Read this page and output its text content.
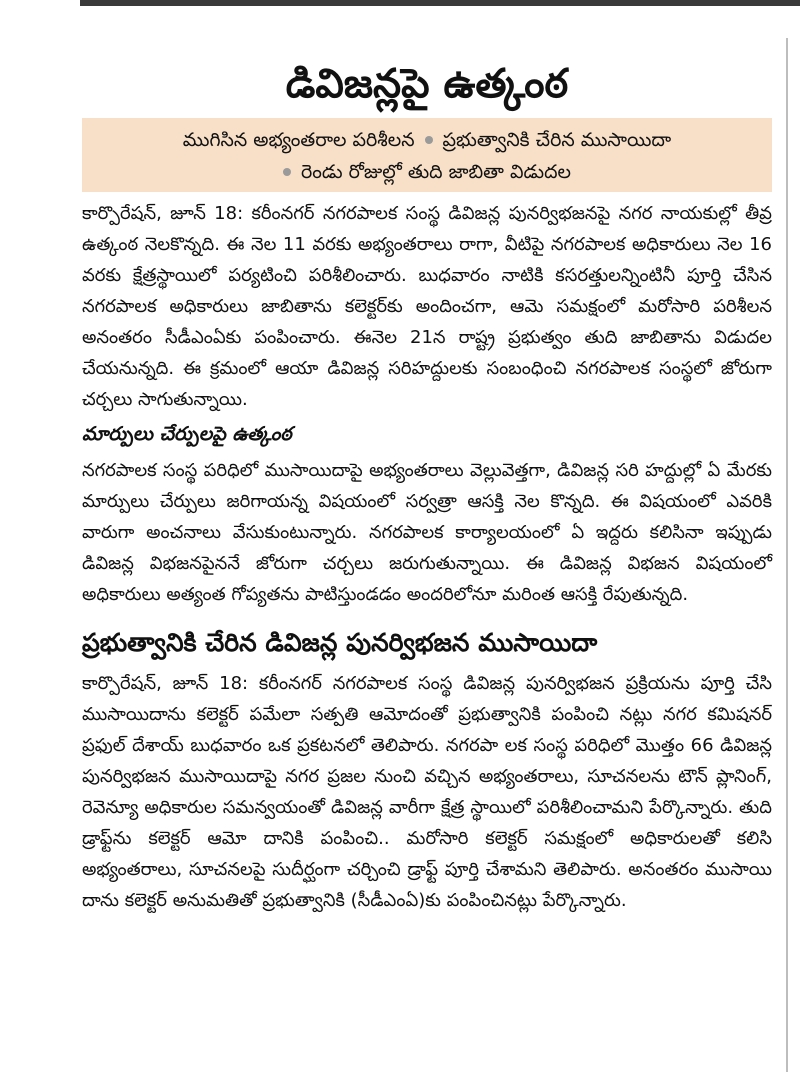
డివిజన్లపై ఉత్కంఠ
ముగిసిన అభ్యంతరాల పరిశీలన ప్రభుత్వానికి చేరిన ముసాయిదా
రెండు రోజుల్లో తుది జాబితా విడుదల

కార్పొరేషన్, జూన్ 18: కరీంనగర్ నగరపాలక సంస్థ డివిజన్ల పునర్విభజనపై నగర నాయకుల్లో తీవ్ర ఉత్కంఠ నెలకొన్నది. ఈ నెల 11 వరకు అభ్యంతరాలు రాగా, వీటిపై నగరపాలక అధికారులు నెల 16 వరకు క్షేత్రస్థాయిలో పర్యటించి పరిశీలించారు. బుధవారం నాటికి కసరత్తులన్నింటినీ పూర్తి చేసిన నగరపాలక అధికారులు జాబితాను కలెక్టర్‌కు అందించగా, ఆమె సమక్షంలో మరోసారి పరిశీలన అనంతరం సీడీఎంఏకు పంపించారు. ఈనెల 21న రాష్ట్ర ప్రభుత్వం తుది జాబితాను విడుదల చేయనున్నది. ఈ క్రమంలో ఆయా డివిజన్ల సరిహద్దులకు సంబంధించి నగరపాలక సంస్థలో జోరుగా చర్చలు సాగుతున్నాయి.

మార్పులు చేర్పులపై ఉత్కంఠ

నగరపాలక సంస్థ పరిధిలో ముసాయిదాపై అభ్యంతరాలు వెల్లువెత్తగా, డివిజన్ల సరి హద్దుల్లో ఏ మేరకు మార్పులు చేర్పులు జరిగాయన్న విషయంలో సర్వత్రా ఆసక్తి నెల కొన్నది. ఈ విషయంలో ఎవరికి వారుగా అంచనాలు వేసుకుంటున్నారు. నగరపాలక కార్యాలయంలో ఏ ఇద్దరు కలిసినా ఇప్పుడు డివిజన్ల విభజనపైననే జోరుగా చర్చలు జరుగుతున్నాయి. ఈ డివిజన్ల విభజన విషయంలో అధికారులు అత్యంత గోప్యతను పాటిస్తుండడం అందరిలోనూ మరింత ఆసక్తి రేపుతున్నది.

ప్రభుత్వానికి చేరిన డివిజన్ల పునర్విభజన ముసాయిదా

కార్పొరేషన్, జూన్ 18: కరీంనగర్ నగరపాలక సంస్థ డివిజన్ల పునర్విభజన ప్రక్రియను పూర్తి చేసి ముసాయిదాను కలెక్టర్ పమేలా సత్పతి ఆమోదంతో ప్రభుత్వానికి పంపించి నట్లు నగర కమిషనర్ ప్రఫుల్ దేశాయ్ బుధవారం ఒక ప్రకటనలో తెలిపారు. నగరపా లక సంస్థ పరిధిలో మొత్తం 66 డివిజన్ల పునర్విభజన ముసాయిదాపై నగర ప్రజల నుంచి వచ్చిన అభ్యంతరాలు, సూచనలను టౌన్ ప్లానింగ్, రెవెన్యూ అధికారుల సమన్వయంతో డివిజన్ల వారీగా క్షేత్ర స్థాయిలో పరిశీలించామని పేర్కొన్నారు. తుది డ్రాఫ్ట్‌ను కలెక్టర్ ఆమో దానికి పంపించి.. మరోసారి కలెక్టర్ సమక్షంలో అధికారులతో కలిసి అభ్యంతరాలు, సూచనలపై సుదీర్ఘంగా చర్చించి డ్రాఫ్ట్ పూర్తి చేశామని తెలిపారు. అనంతరం ముసాయి దాను కలెక్టర్ అనుమతితో ప్రభుత్వానికి (సీడీఎంఏ)కు పంపించినట్లు పేర్కొన్నారు.
